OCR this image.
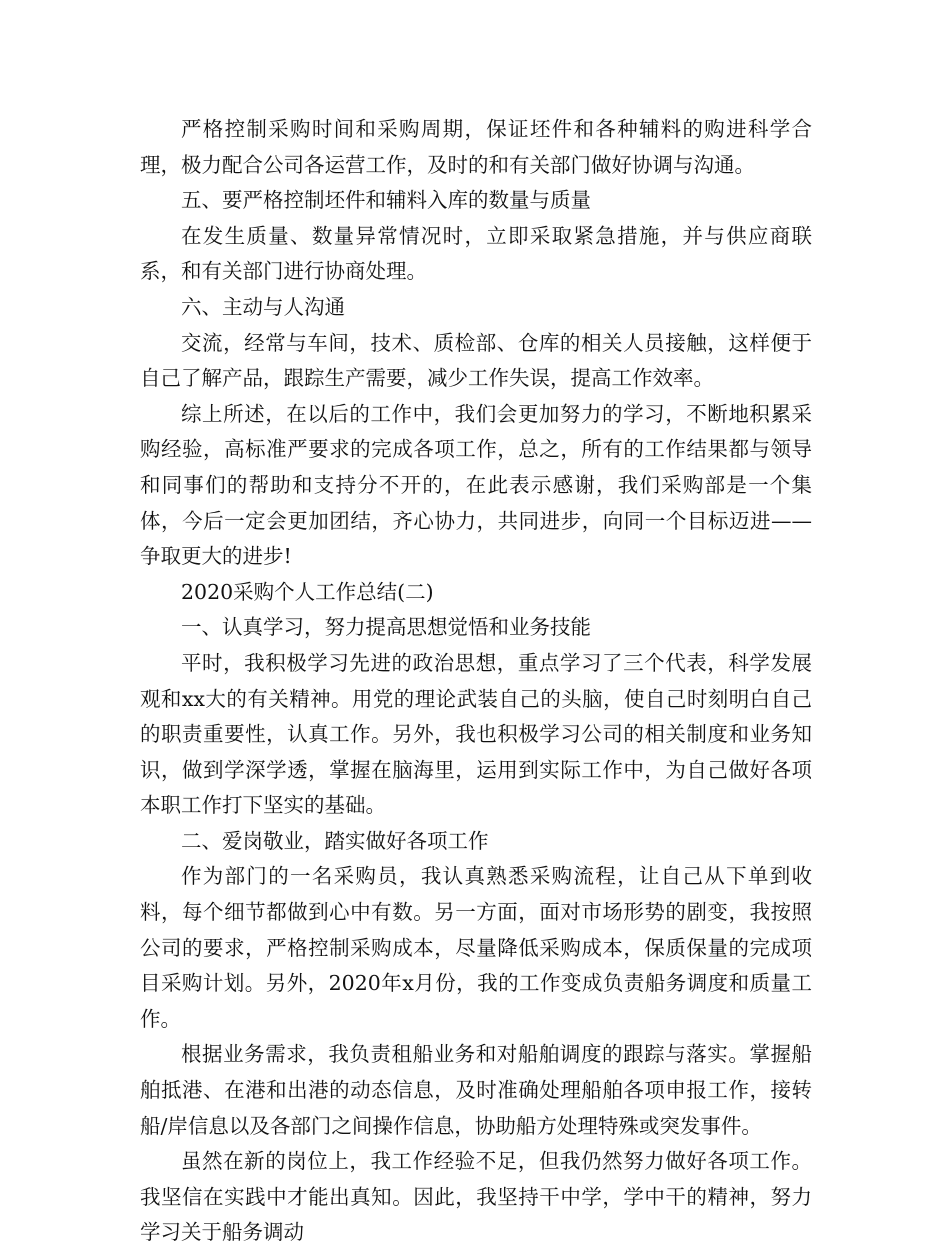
严格控制采购时间和采购周期，保证坯件和各种辅料的购进科学合理，极力配合公司各运营工作，及时的和有关部门做好协调与沟通。

五、要严格控制坯件和辅料入库的数量与质量

在发生质量、数量异常情况时，立即采取紧急措施，并与供应商联系，和有关部门进行协商处理。

六、主动与人沟通

交流，经常与车间，技术、质检部、仓库的相关人员接触，这样便于自己了解产品，跟踪生产需要，减少工作失误，提高工作效率。

综上所述，在以后的工作中，我们会更加努力的学习，不断地积累采购经验，高标准严要求的完成各项工作，总之，所有的工作结果都与领导和同事们的帮助和支持分不开的，在此表示感谢，我们采购部是一个集体，今后一定会更加团结，齐心协力，共同进步，向同一个目标迈进——争取更大的进步!

2020采购个人工作总结(二)

一、认真学习，努力提高思想觉悟和业务技能

平时，我积极学习先进的政治思想，重点学习了三个代表，科学发展观和xx大的有关精神。用党的理论武装自己的头脑，使自己时刻明白自己的职责重要性，认真工作。另外，我也积极学习公司的相关制度和业务知识，做到学深学透，掌握在脑海里，运用到实际工作中，为自己做好各项本职工作打下坚实的基础。

二、爱岗敬业，踏实做好各项工作

作为部门的一名采购员，我认真熟悉采购流程，让自己从下单到收料，每个细节都做到心中有数。另一方面，面对市场形势的剧变，我按照公司的要求，严格控制采购成本，尽量降低采购成本，保质保量的完成项目采购计划。另外，2020年x月份，我的工作变成负责船务调度和质量工作。

根据业务需求，我负责租船业务和对船舶调度的跟踪与落实。掌握船舶抵港、在港和出港的动态信息，及时准确处理船舶各项申报工作，接转船/岸信息以及各部门之间操作信息，协助船方处理特殊或突发事件。

虽然在新的岗位上，我工作经验不足，但我仍然努力做好各项工作。我坚信在实践中才能出真知。因此，我坚持干中学，学中干的精神，努力学习关于船务调动
